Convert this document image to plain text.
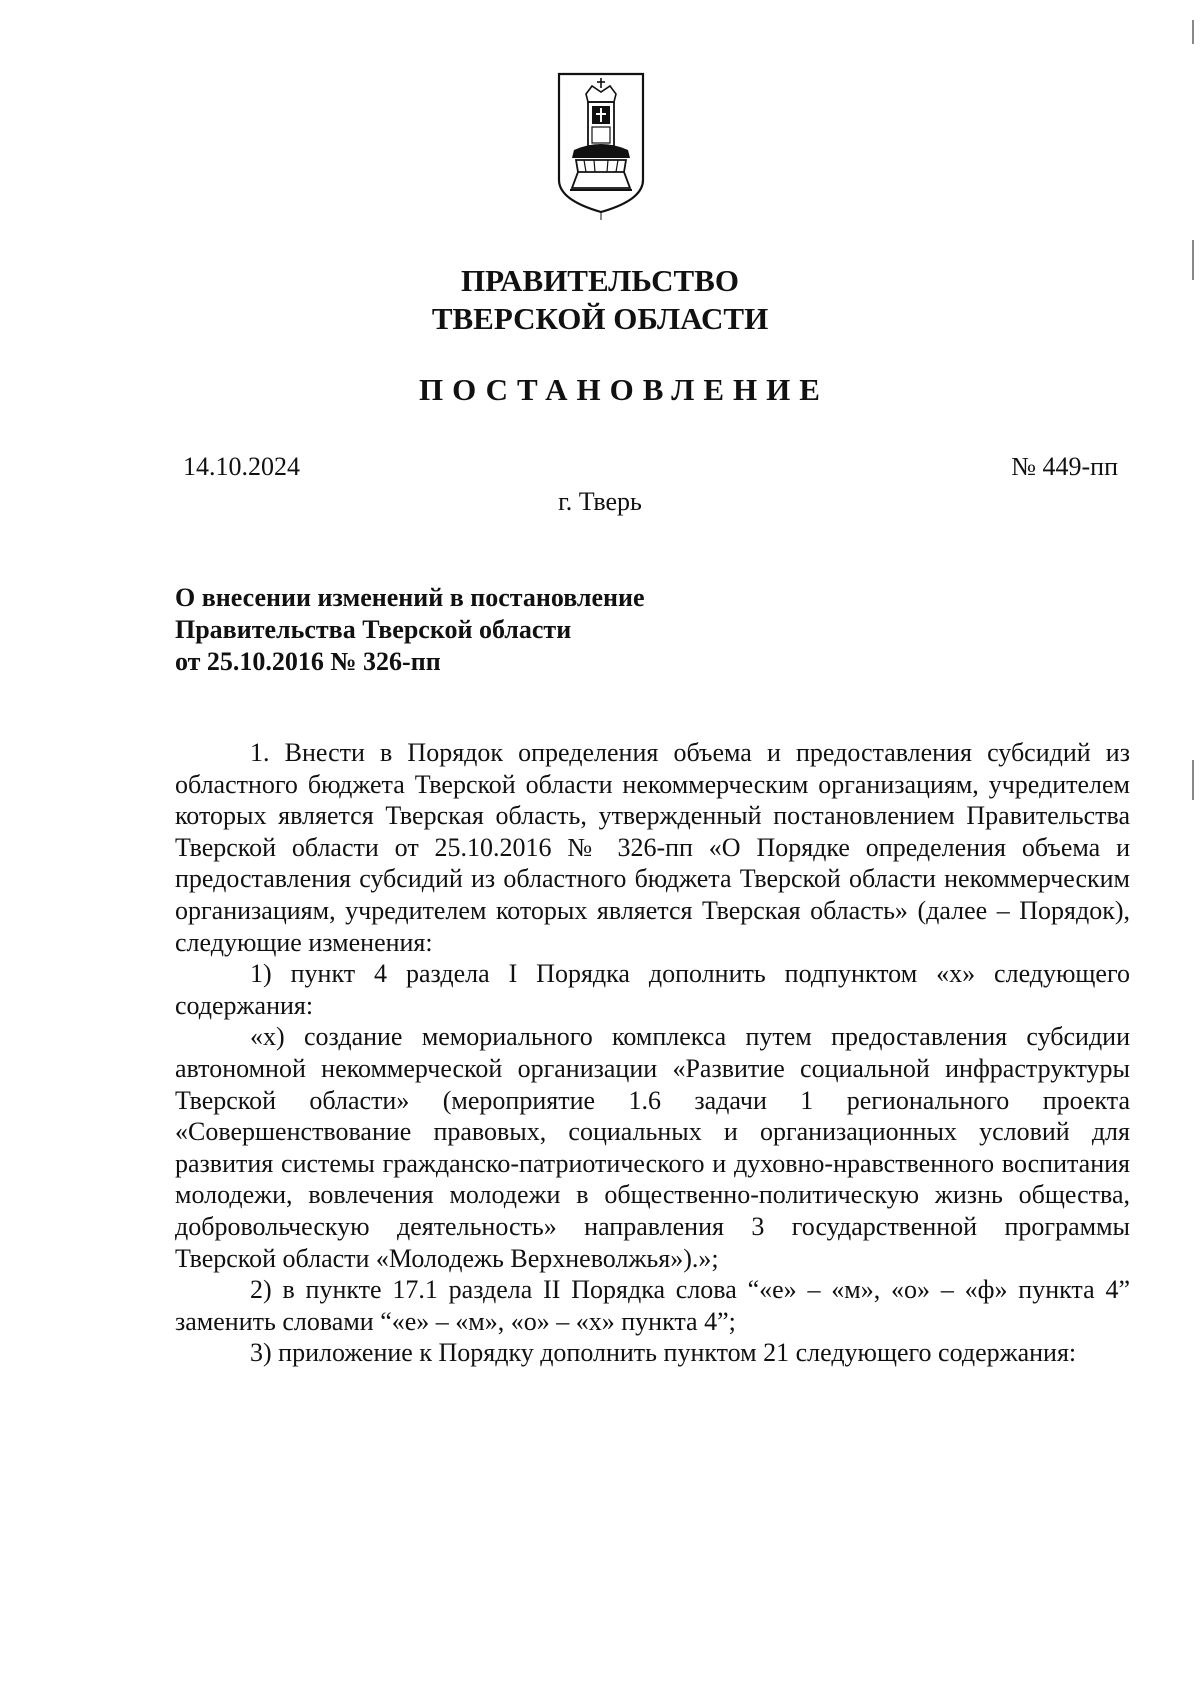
ПРАВИТЕЛЬСТВО
ТВЕРСКОЙ ОБЛАСТИ
ПОСТАНОВЛЕНИЕ
14.10.2024	№ 449-пп
г. Тверь
О внесении изменений в постановление
Правительства Тверской области
от 25.10.2016 № 326-пп

1. Внести в Порядок определения объема и предоставления субсидий из областного бюджета Тверской области некоммерческим организациям, учредителем которых является Тверская область, утвержденный постановлением Правительства Тверской области от 25.10.2016 № 326-пп «О Порядке определения объема и предоставления субсидий из областного бюджета Тверской области некоммерческим организациям, учредителем которых является Тверская область» (далее – Порядок), следующие изменения:

1) пункт 4 раздела I Порядка дополнить подпунктом «х» следующего содержания:

«х) создание мемориального комплекса путем предоставления субсидии автономной некоммерческой организации «Развитие социальной инфраструктуры Тверской области» (мероприятие 1.6 задачи 1 регионального проекта «Совершенствование правовых, социальных и организационных условий для развития системы гражданско-патриотического и духовно-нравственного воспитания молодежи, вовлечения молодежи в общественно-политическую жизнь общества, добровольческую деятельность» направления 3 государственной программы Тверской области «Молодежь Верхневолжья»).»;

2) в пункте 17.1 раздела II Порядка слова “«е» – «м», «о» – «ф» пункта 4” заменить словами “«е» – «м», «о» – «х» пункта 4”;

3) приложение к Порядку дополнить пунктом 21 следующего содержания:
